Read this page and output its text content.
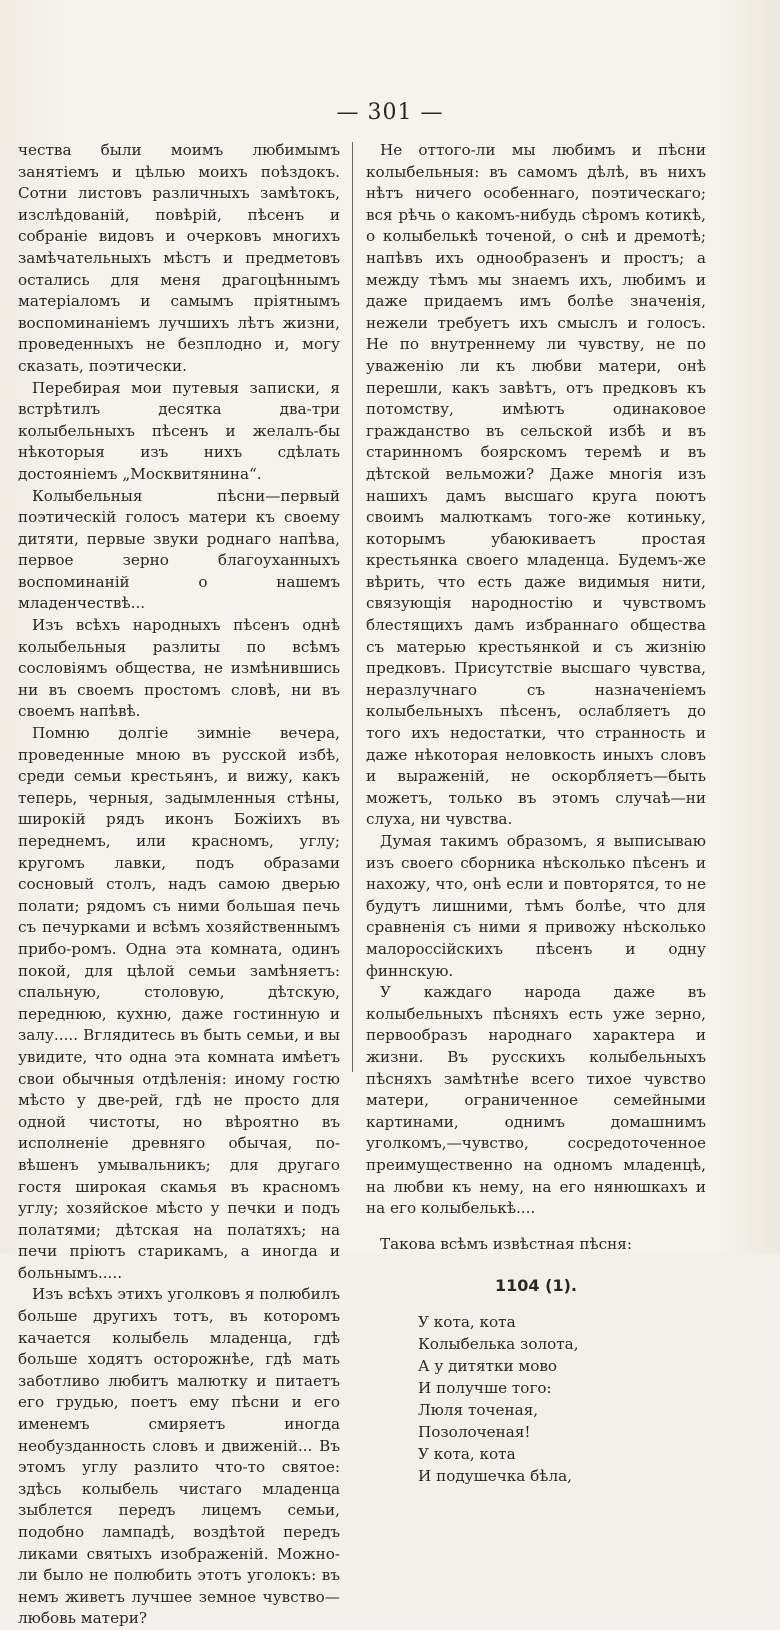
— 301 —

чества были моимъ любимымъ занятіемъ и цѣлью моихъ поѣздокъ. Сотни листовъ различныхъ замѣтокъ, изслѣдованій, повѣрій, пѣсенъ и собраніе видовъ и очерковъ многихъ замѣчательныхъ мѣстъ и предметовъ остались для меня драгоцѣннымъ матеріаломъ и самымъ пріятнымъ воспоминаніемъ лучшихъ лѣтъ жизни, проведенныхъ не безплодно и, могу сказать, поэтически.

Перебирая мои путевыя записки, я встрѣтилъ десятка два-три колыбельныхъ пѣсенъ и желалъ-бы нѣкоторыя изъ нихъ сдѣлать достояніемъ „Москвитянина“.

Колыбельныя пѣсни—первый поэтическій голосъ матери къ своему дитяти, первые звуки роднаго напѣва, первое зерно благоуханныхъ воспоминаній о нашемъ младенчествѣ...

Изъ всѣхъ народныхъ пѣсенъ однѣ колыбельныя разлиты по всѣмъ сословіямъ общества, не измѣнившись ни въ своемъ простомъ словѣ, ни въ своемъ напѣвѣ.

Помню долгіе зимніе вечера, проведенные мною въ русской избѣ, среди семьи крестьянъ, и вижу, какъ теперь, черныя, задымленныя стѣны, широкій рядъ иконъ Божіихъ въ переднемъ, или красномъ, углу; кругомъ лавки, подъ образами сосновый столъ, надъ самою дверью полати; рядомъ съ ними большая печь съ печурками и всѣмъ хозяйственнымъ прибо-ромъ. Одна эта комната, одинъ покой, для цѣлой семьи замѣняетъ: спальную, столовую, дѣтскую, переднюю, кухню, даже гостинную и залу..... Вглядитесь въ быть семьи, и вы увидите, что одна эта комната имѣетъ свои обычныя отдѣленія: иному гостю мѣсто у две-рей, гдѣ не просто для одной чистоты, но вѣроятно въ исполненіе древняго обычая, по-вѣшенъ умывальникъ; для другаго гостя широкая скамья въ красномъ углу; хозяйское мѣсто у печки и подъ полатями; дѣтская на полатяхъ; на печи пріютъ старикамъ, а иногда и больнымъ.....

Изъ всѣхъ этихъ уголковъ я полюбилъ больше другихъ тотъ, въ которомъ качается колыбель младенца, гдѣ больше ходятъ осторожнѣе, гдѣ мать заботливо любитъ малютку и питаетъ его грудью, поетъ ему пѣсни и его именемъ смиряетъ иногда необузданность словъ и движеній... Въ этомъ углу разлито что-то святое: здѣсь колыбель чистаго младенца зыблется передъ лицемъ семьи, подобно лампадѣ, воздѣтой передъ ликами святыхъ изображеній. Можно-ли было не полюбить этотъ уголокъ: въ немъ живетъ лучшее земное чувство—любовь матери?

Не оттого-ли мы любимъ и пѣсни колыбельныя: въ самомъ дѣлѣ, въ нихъ нѣтъ ничего особеннаго, поэтическаго; вся рѣчь о какомъ-нибудь сѣромъ котикѣ, о колыбелькѣ точеной, о снѣ и дремотѣ; напѣвъ ихъ однообразенъ и простъ; а между тѣмъ мы знаемъ ихъ, любимъ и даже придаемъ имъ болѣе значенія, нежели требуетъ ихъ смыслъ и голосъ. Не по внутреннему ли чувству, не по уваженію ли къ любви матери, онѣ перешли, какъ завѣтъ, отъ предковъ къ потомству, имѣютъ одинаковое гражданство въ сельской избѣ и въ старинномъ боярскомъ теремѣ и въ дѣтской вельможи? Даже многія изъ нашихъ дамъ высшаго круга поютъ своимъ малюткамъ того-же котиньку, которымъ убаюкиваетъ простая крестьянка своего младенца. Будемъ-же вѣрить, что есть даже видимыя нити, связующія народностію и чувствомъ блестящихъ дамъ избраннаго общества съ матерью крестьянкой и съ жизнію предковъ. Присутствіе высшаго чувства, неразлучнаго съ назначеніемъ колыбельныхъ пѣсенъ, ослабляетъ до того ихъ недостатки, что странность и даже нѣкоторая неловкость иныхъ словъ и выраженій, не оскорбляетъ—быть можетъ, только въ этомъ случаѣ—ни слуха, ни чувства.

Думая такимъ образомъ, я выписываю изъ своего сборника нѣсколько пѣсенъ и нахожу, что, онѣ если и повторятся, то не будутъ лишними, тѣмъ болѣе, что для сравненія съ ними я привожу нѣсколько малороссійскихъ пѣсенъ и одну финнскую.

У каждаго народа даже въ колыбельныхъ пѣсняхъ есть уже зерно, первообразъ народнаго характера и жизни. Въ русскихъ колыбельныхъ пѣсняхъ замѣтнѣе всего тихое чувство матери, ограниченное семейными картинами, однимъ домашнимъ уголкомъ,—чувство, сосредоточенное преимущественно на одномъ младенцѣ, на любви къ нему, на его нянюшкахъ и на его колыбелькѣ....

Такова всѣмъ извѣстная пѣсня:

1104 (1).

У кота, кота

Колыбелька золота,

А у дитятки мово

И получше того:

Люля точеная,

Позолоченая!

У кота, кота

И подушечка бѣла,
